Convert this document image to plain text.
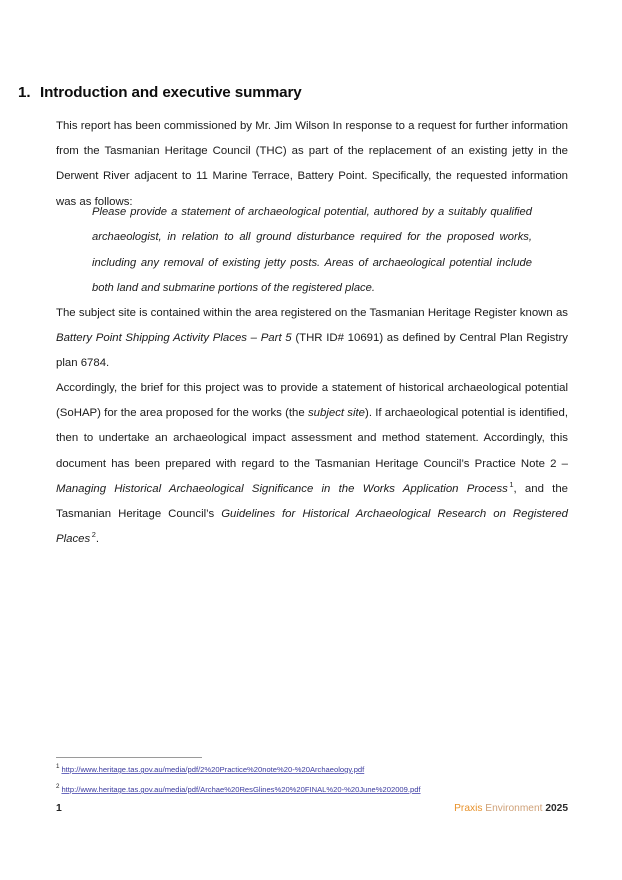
1. Introduction and executive summary

This report has been commissioned by Mr. Jim Wilson In response to a request for further information from the Tasmanian Heritage Council (THC) as part of the replacement of an existing jetty in the Derwent River adjacent to 11 Marine Terrace, Battery Point. Specifically, the requested information was as follows:

Please provide a statement of archaeological potential, authored by a suitably qualified archaeologist, in relation to all ground disturbance required for the proposed works, including any removal of existing jetty posts. Areas of archaeological potential include both land and submarine portions of the registered place.

The subject site is contained within the area registered on the Tasmanian Heritage Register known as Battery Point Shipping Activity Places – Part 5 (THR ID# 10691) as defined by Central Plan Registry plan 6784.

Accordingly, the brief for this project was to provide a statement of historical archaeological potential (SoHAP) for the area proposed for the works (the subject site). If archaeological potential is identified, then to undertake an archaeological impact assessment and method statement. Accordingly, this document has been prepared with regard to the Tasmanian Heritage Council’s Practice Note 2 – Managing Historical Archaeological Significance in the Works Application Process $^1$, and the Tasmanian Heritage Council’s Guidelines for Historical Archaeological Research on Registered Places $^2$.

$^1$ http://www.heritage.tas.gov.au/media/pdf/2%20Practice%20note%20-%20Archaeology.pdf
$^2$ http://www.heritage.tas.gov.au/media/pdf/Archae%20ResGlines%20%20FINAL%20-%20June%202009.pdf
1	Praxis Environment 2025
